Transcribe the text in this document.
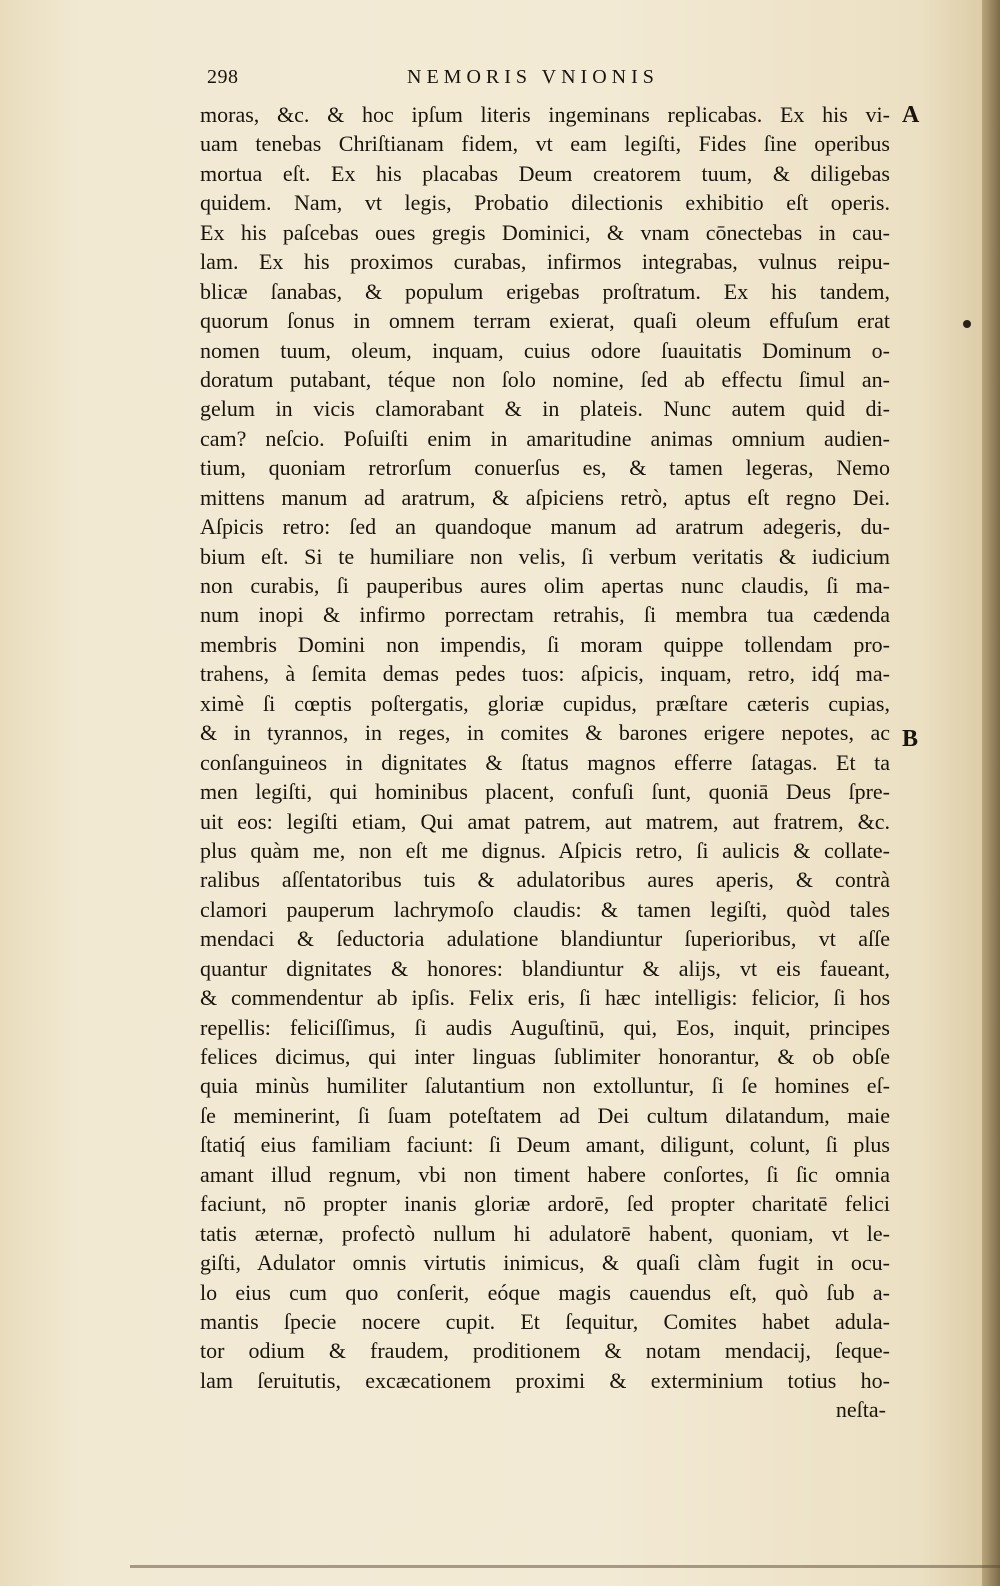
298	NEMORIS VNIONIS
A
B
moras, &c. & hoc ipſum literis ingeminans replicabas. Ex his vi-
uam tenebas Chriſtianam fidem, vt eam legiſti, Fides ſine operibus
mortua eſt. Ex his placabas Deum creatorem tuum, & diligebas
quidem. Nam, vt legis, Probatio dilectionis exhibitio eſt operis.
Ex his paſcebas oues gregis Dominici, & vnam cōnectebas in cau-
lam. Ex his proximos curabas, infirmos integrabas, vulnus reipu-
blicæ ſanabas, & populum erigebas proſtratum. Ex his tandem,
quorum ſonus in omnem terram exierat, quaſi oleum effuſum erat
nomen tuum, oleum, inquam, cuius odore ſuauitatis Dominum o-
doratum putabant, téque non ſolo nomine, ſed ab effectu ſimul an-
gelum in vicis clamorabant & in plateis. Nunc autem quid di-
cam? neſcio. Poſuiſti enim in amaritudine animas omnium audien-
tium, quoniam retrorſum conuerſus es, & tamen legeras, Nemo
mittens manum ad aratrum, & aſpiciens retrò, aptus eſt regno Dei.
Aſpicis retro: ſed an quandoque manum ad aratrum adegeris, du-
bium eſt. Si te humiliare non velis, ſi verbum veritatis & iudicium
non curabis, ſi pauperibus aures olim apertas nunc claudis, ſi ma-
num inopi & infirmo porrectam retrahis, ſi membra tua cædenda
membris Domini non impendis, ſi moram quippe tollendam pro-
trahens, à ſemita demas pedes tuos: aſpicis, inquam, retro, idq́ ma-
ximè ſi cœptis poſtergatis, gloriæ cupidus, præſtare cæteris cupias,
& in tyrannos, in reges, in comites & barones erigere nepotes, ac
conſanguineos in dignitates & ſtatus magnos efferre ſatagas. Et ta
men legiſti, qui hominibus placent, confuſi ſunt, quoniā Deus ſpre-
uit eos: legiſti etiam, Qui amat patrem, aut matrem, aut fratrem, &c.
plus quàm me, non eſt me dignus. Aſpicis retro, ſi aulicis & collate-
ralibus aſſentatoribus tuis & adulatoribus aures aperis, & contrà
clamori pauperum lachrymoſo claudis: & tamen legiſti, quòd tales
mendaci & ſeductoria adulatione blandiuntur ſuperioribus, vt aſſe
quantur dignitates & honores: blandiuntur & alijs, vt eis faueant,
& commendentur ab ipſis. Felix eris, ſi hæc intelligis: felicior, ſi hos
repellis: feliciſſimus, ſi audis Auguſtinū, qui, Eos, inquit, principes
felices dicimus, qui inter linguas ſublimiter honorantur, & ob obſe
quia minùs humiliter ſalutantium non extolluntur, ſi ſe homines eſ-
ſe meminerint, ſi ſuam poteſtatem ad Dei cultum dilatandum, maie
ſtatiq́ eius familiam faciunt: ſi Deum amant, diligunt, colunt, ſi plus
amant illud regnum, vbi non timent habere conſortes, ſi ſic omnia
faciunt, nō propter inanis gloriæ ardorē, ſed propter charitatē felici
tatis æternæ, profectò nullum hi adulatorē habent, quoniam, vt le-
giſti, Adulator omnis virtutis inimicus, & quaſi clàm fugit in ocu-
lo eius cum quo conſerit, eóque magis cauendus eſt, quò ſub a-
mantis ſpecie nocere cupit. Et ſequitur, Comites habet adula-
tor odium & fraudem, proditionem & notam mendacij, ſeque-
lam ſeruitutis, excæcationem proximi & exterminium totius ho-
neſta-
